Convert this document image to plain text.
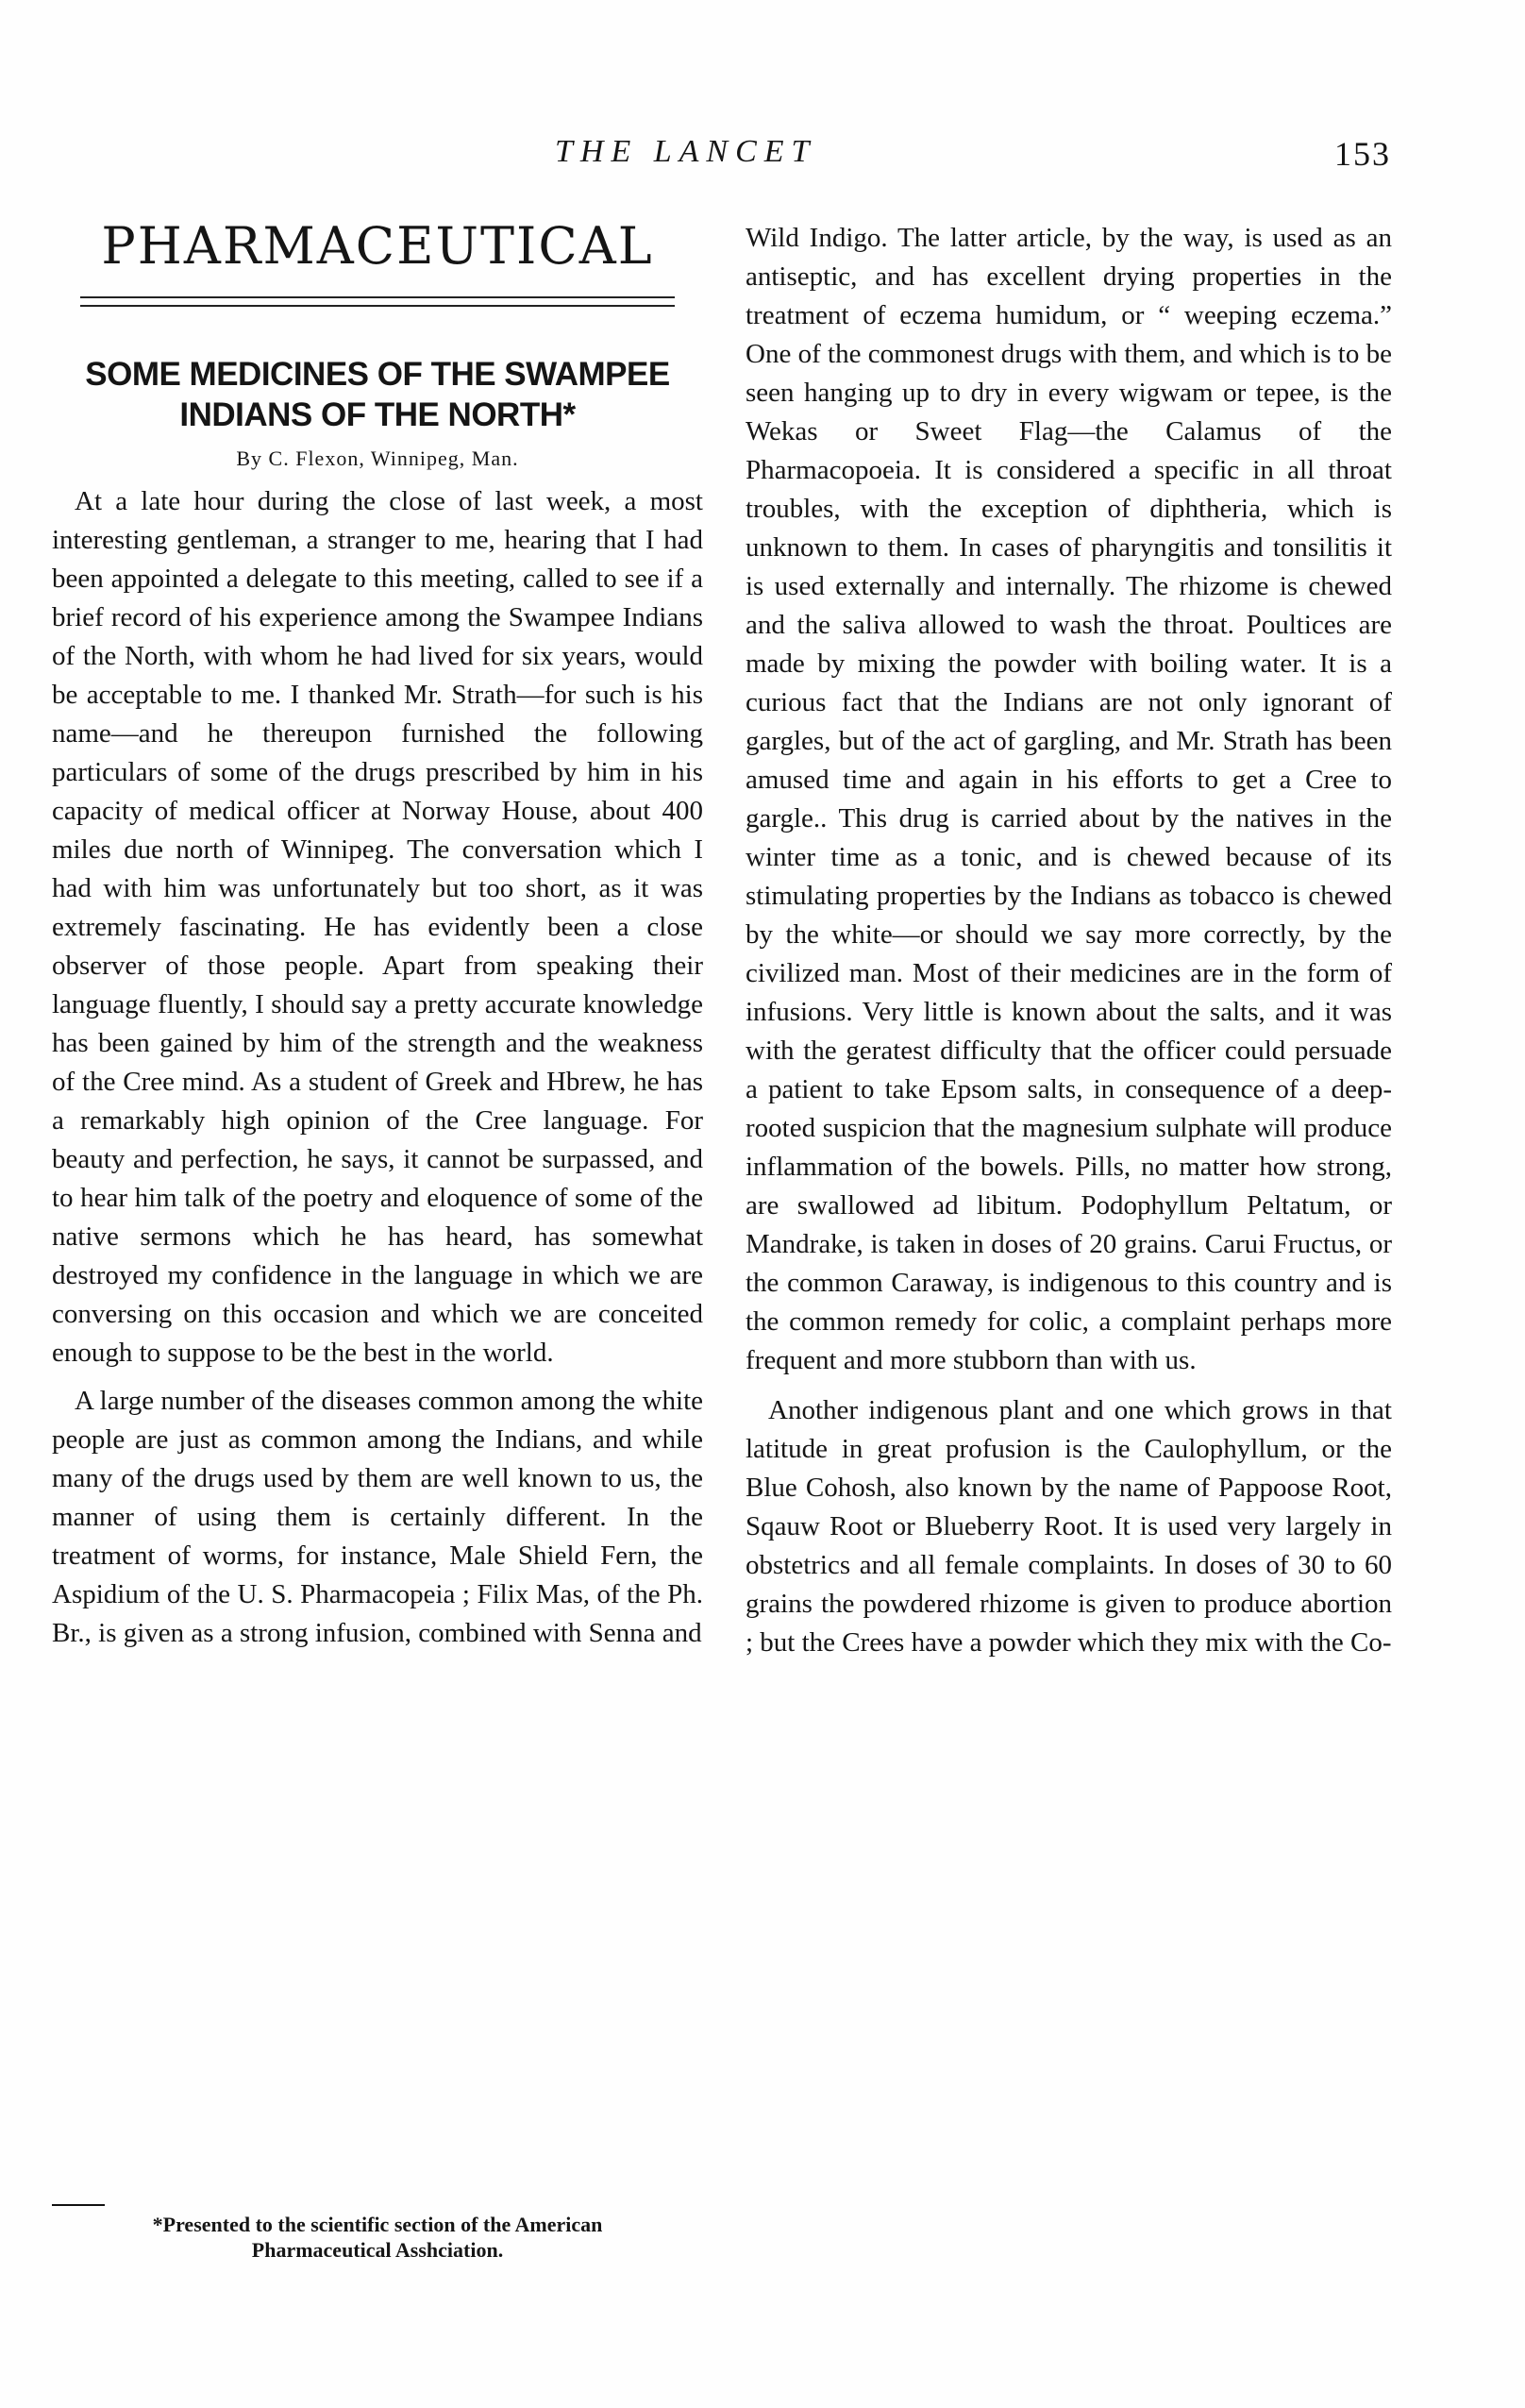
THE LANCET	153
PHARMACEUTICAL
SOME MEDICINES OF THE SWAMPEE
INDIANS OF THE NORTH*

By C. Flexon, Winnipeg, Man.

At a late hour during the close of last week, a most interesting gentleman, a stranger to me, hearing that I had been appointed a delegate to this meeting, called to see if a brief record of his experience among the Swampee Indians of the North, with whom he had lived for six years, would be acceptable to me. I thanked Mr. Strath—for such is his name—and he thereupon furnished the following particulars of some of the drugs prescribed by him in his capacity of medical officer at Norway House, about 400 miles due north of Winnipeg. The conversation which I had with him was unfortunately but too short, as it was extremely fascinating. He has evidently been a close observer of those people. Apart from speaking their language fluently, I should say a pretty accurate knowledge has been gained by him of the strength and the weakness of the Cree mind. As a student of Greek and Hbrew, he has a remarkably high opinion of the Cree language. For beauty and perfection, he says, it cannot be surpassed, and to hear him talk of the poetry and eloquence of some of the native sermons which he has heard, has somewhat destroyed my confidence in the language in which we are conversing on this occasion and which we are conceited enough to suppose to be the best in the world.

A large number of the diseases common among the white people are just as common among the Indians, and while many of the drugs used by them are well known to us, the manner of using them is certainly different. In the treatment of worms, for instance, Male Shield Fern, the Aspidium of the U. S. Pharmacopeia ; Filix Mas, of the Ph. Br., is given as a strong infusion, combined with Senna and

*Presented to the scientific section of the American
Pharmaceutical Asshciation.

Wild Indigo. The latter article, by the way, is used as an antiseptic, and has excellent drying properties in the treatment of eczema humidum, or “ weeping eczema.” One of the commonest drugs with them, and which is to be seen hanging up to dry in every wigwam or tepee, is the Wekas or Sweet Flag—the Calamus of the Pharmacopoeia. It is considered a specific in all throat troubles, with the exception of diphtheria, which is unknown to them. In cases of pharyngitis and tonsilitis it is used externally and internally. The rhizome is chewed and the saliva allowed to wash the throat. Poultices are made by mixing the powder with boiling water. It is a curious fact that the Indians are not only ignorant of gargles, but of the act of gargling, and Mr. Strath has been amused time and again in his efforts to get a Cree to gargle.. This drug is carried about by the natives in the winter time as a tonic, and is chewed because of its stimulating properties by the Indians as tobacco is chewed by the white—or should we say more correctly, by the civilized man. Most of their medicines are in the form of infusions. Very little is known about the salts, and it was with the geratest difficulty that the officer could persuade a patient to take Epsom salts, in consequence of a deep-rooted suspicion that the magnesium sulphate will produce inflammation of the bowels. Pills, no matter how strong, are swallowed ad libitum. Podophyllum Peltatum, or Mandrake, is taken in doses of 20 grains. Carui Fructus, or the common Caraway, is indigenous to this country and is the common remedy for colic, a complaint perhaps more frequent and more stubborn than with us.

Another indigenous plant and one which grows in that latitude in great profusion is the Caulophyllum, or the Blue Cohosh, also known by the name of Pappoose Root, Sqauw Root or Blueberry Root. It is used very largely in obstetrics and all female complaints. In doses of 30 to 60 grains the powdered rhizome is given to produce abortion ; but the Crees have a powder which they mix with the Co-
